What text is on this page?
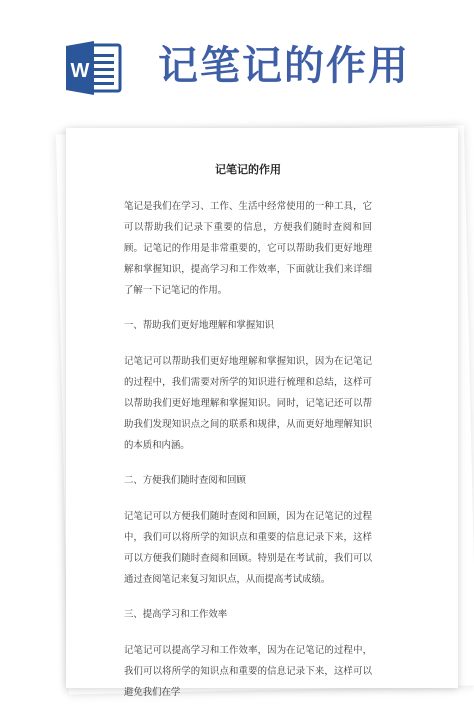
W 记笔记的作用
记笔记的作用

笔记是我们在学习、工作、生活中经常使用的一种工具，它可以帮助我们记录下重要的信息，方便我们随时查阅和回顾。记笔记的作用是非常重要的，它可以帮助我们更好地理解和掌握知识，提高学习和工作效率，下面就让我们来详细了解一下记笔记的作用。

一、帮助我们更好地理解和掌握知识

记笔记可以帮助我们更好地理解和掌握知识，因为在记笔记的过程中，我们需要对所学的知识进行梳理和总结，这样可以帮助我们更好地理解和掌握知识。同时，记笔记还可以帮助我们发现知识点之间的联系和规律，从而更好地理解知识的本质和内涵。

二、方便我们随时查阅和回顾

记笔记可以方便我们随时查阅和回顾，因为在记笔记的过程中，我们可以将所学的知识点和重要的信息记录下来，这样可以方便我们随时查阅和回顾。特别是在考试前，我们可以通过查阅笔记来复习知识点，从而提高考试成绩。

三、提高学习和工作效率

记笔记可以提高学习和工作效率，因为在记笔记的过程中，我们可以将所学的知识点和重要的信息记录下来，这样可以避免我们在学
